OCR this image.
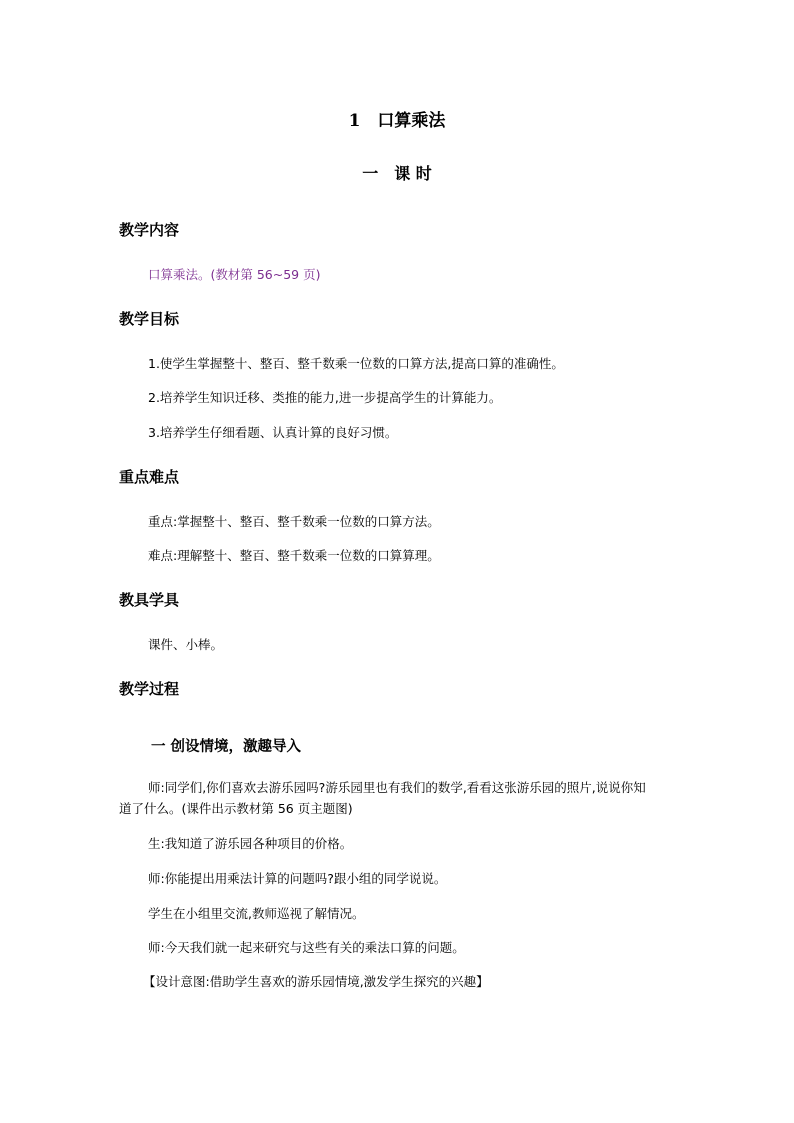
1　口算乘法
一　课 时
教学内容
口算乘法。(教材第 56~59 页)
教学目标
1.使学生掌握整十、整百、整千数乘一位数的口算方法,提高口算的准确性。
2.培养学生知识迁移、类推的能力,进一步提高学生的计算能力。
3.培养学生仔细看题、认真计算的良好习惯。
重点难点
重点:掌握整十、整百、整千数乘一位数的口算方法。
难点:理解整十、整百、整千数乘一位数的口算算理。
教具学具
课件、小棒。
教学过程
一 创设情境，激趣导入
师:同学们,你们喜欢去游乐园吗?游乐园里也有我们的数学,看看这张游乐园的照片,说说你知道了什么。(课件出示教材第 56 页主题图)
生:我知道了游乐园各种项目的价格。
师:你能提出用乘法计算的问题吗?跟小组的同学说说。
学生在小组里交流,教师巡视了解情况。
师:今天我们就一起来研究与这些有关的乘法口算的问题。
【设计意图:借助学生喜欢的游乐园情境,激发学生探究的兴趣】
